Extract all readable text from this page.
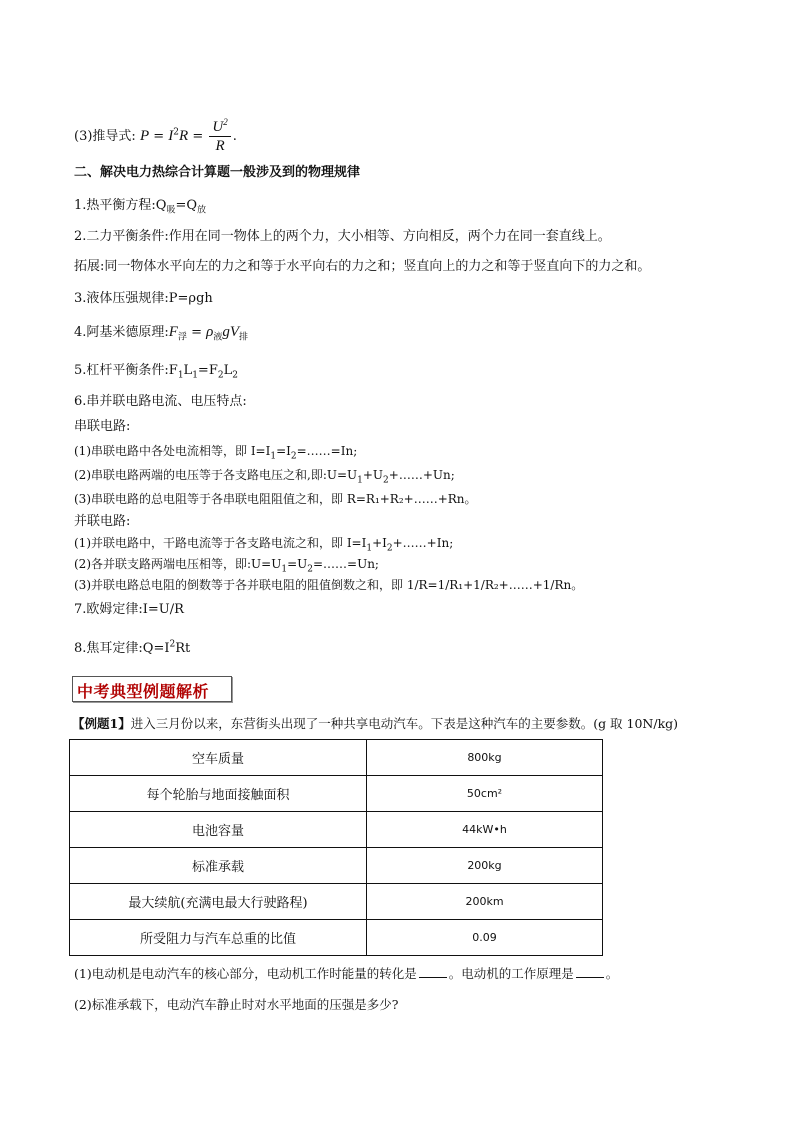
(3)推导式: $P = I^2R = \frac{U^2}{R}$ .
二、解决电力热综合计算题一般涉及到的物理规律
1.热平衡方程$:Q_吸=Q_放$
2.二力平衡条件:作用在同一物体上的两个力，大小相等、方向相反，两个力在同一套直线上。
拓展:同一物体水平向左的力之和等于水平向右的力之和；竖直向上的力之和等于竖直向下的力之和。
3.液体压强规律:P=ρgh
4.阿基米德原理$:F_浮 = \rho_液gV_排$
5.杠杆平衡条件$:F_1L_1=F_2L_2$
6.串并联电路电流、电压特点:
串联电路:
(1)串联电路中各处电流相等，即 $I=I_1=I_2=\dots\dots=In$;
(2)串联电路两端的电压等于各支路电压之和,即$:U=U_1+U_2+\dots\dots+Un$;
(3)串联电路的总电阻等于各串联电阻阻值之和，即 R=R₁+R₂+……+Rn。
并联电路:
(1)并联电路中，干路电流等于各支路电流之和，即 $I=I_1+I_2+\dots\dots+In$;
(2)各并联支路两端电压相等，即$:U=U_1=U_2=\dots\dots=Un$;
(3)并联电路总电阻的倒数等于各并联电阻的阻值倒数之和，即 1/R=1/R₁+1/R₂+……+1/Rn。
7.欧姆定律:I=U/R
8.焦耳定律$:Q=I^2Rt$
中考典型例题解析
【例题1】进入三月份以来，东营街头出现了一种共享电动汽车。下表是这种汽车的主要参数。(g 取 10N/kg)
空车质量	800kg
每个轮胎与地面接触面积	50cm²
电池容量	44kW•h
标准承载	200kg
最大续航(充满电最大行驶路程)	200km
所受阻力与汽车总重的比值	0.09
(1)电动机是电动汽车的核心部分，电动机工作时能量的转化是	。电动机的工作原理是	。
(2)标准承载下，电动汽车静止时对水平地面的压强是多少?
